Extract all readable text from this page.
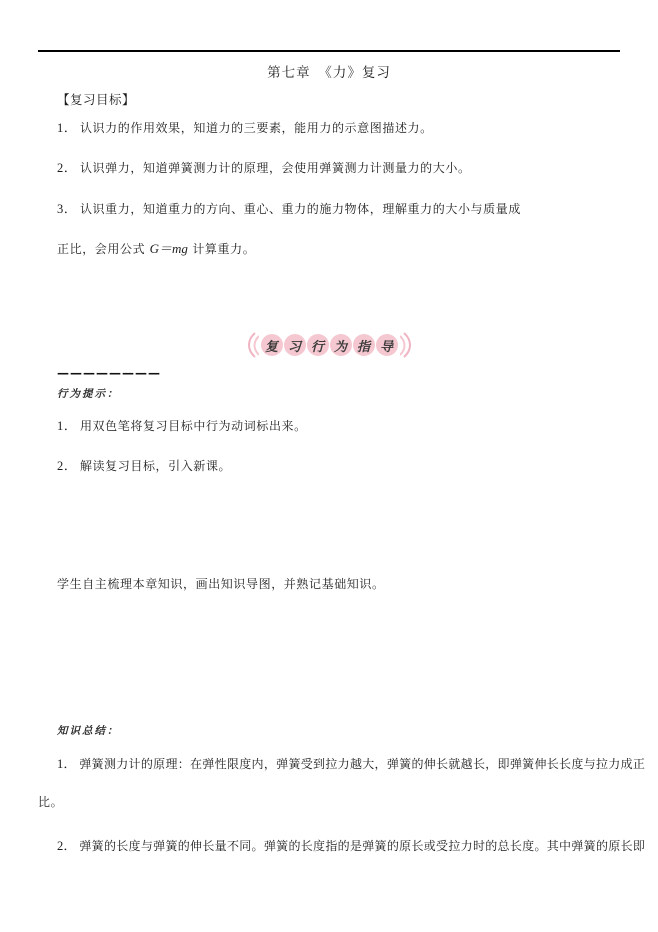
第七章　《力》复习
【复习目标】
1． 认识力的作用效果，知道力的三要素，能用力的示意图描述力。
2． 认识弹力，知道弹簧测力计的原理，会使用弹簧测力计测量力的大小。
3． 认识重力，知道重力的方向、重心、重力的施力物体，理解重力的大小与质量成
正比，会用公式 G＝mg 计算重力。
复 习 行 为 指 导
————————
行为提示：
1． 用双色笔将复习目标中行为动词标出来。
2． 解读复习目标，引入新课。
学生自主梳理本章知识，画出知识导图，并熟记基础知识。
知识总结：
1． 弹簧测力计的原理：在弹性限度内，弹簧受到拉力越大，弹簧的伸长就越长，即弹簧伸长长度与拉力成正
比。
2． 弹簧的长度与弹簧的伸长量不同。弹簧的长度指的是弹簧的原长或受拉力时的总长度。其中弹簧的原长即
